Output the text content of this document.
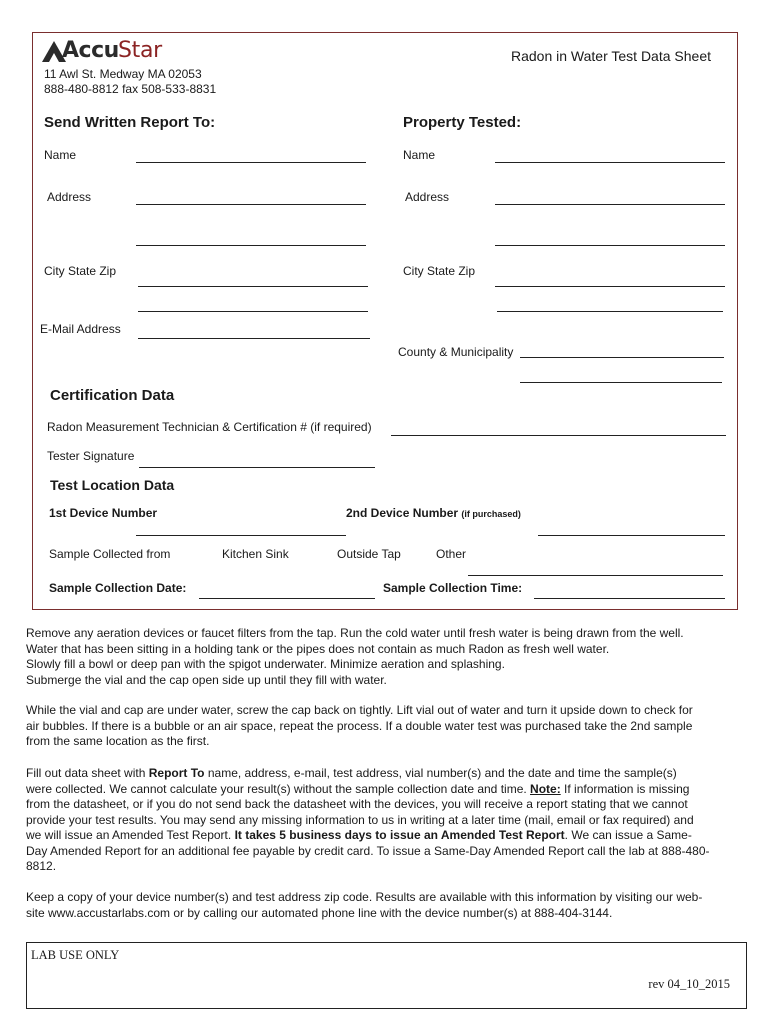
Accu Star	Radon in Water Test Data Sheet
11 Awl St. Medway MA 02053
888-480-8812 fax 508-533-8831
Send Written Report To:	Property Tested:
Name
Address
City State Zip
E-Mail Address
Name
Address
City State Zip
County & Municipality
Certification Data
Radon Measurement Technician & Certification # (if required)
Tester Signature
Test Location Data
1st Device Number	2nd Device Number (if purchased)
Sample Collected from	Kitchen Sink	Outside Tap	Other
Sample Collection Date:	Sample Collection Time:
Remove any aeration devices or faucet filters from the tap. Run the cold water until fresh water is being drawn from the well.
Water that has been sitting in a holding tank or the pipes does not contain as much Radon as fresh well water.
Slowly fill a bowl or deep pan with the spigot underwater. Minimize aeration and splashing.
Submerge the vial and the cap open side up until they fill with water.
While the vial and cap are under water, screw the cap back on tightly. Lift vial out of water and turn it upside down to check for
air bubbles. If there is a bubble or an air space, repeat the process. If a double water test was purchased take the 2nd sample
from the same location as the first.
Fill out data sheet with Report To name, address, e-mail, test address, vial number(s) and the date and time the sample(s)
were collected. We cannot calculate your result(s) without the sample collection date and time. Note: If information is missing
from the datasheet, or if you do not send back the datasheet with the devices, you will receive a report stating that we cannot
provide your test results. You may send any missing information to us in writing at a later time (mail, email or fax required) and
we will issue an Amended Test Report. It takes 5 business days to issue an Amended Test Report. We can issue a Same-
Day Amended Report for an additional fee payable by credit card. To issue a Same-Day Amended Report call the lab at 888-480-
8812.
Keep a copy of your device number(s) and test address zip code. Results are available with this information by visiting our web-
site www.accustarlabs.com or by calling our automated phone line with the device number(s) at 888-404-3144.
LAB USE ONLY
rev 04_10_2015
